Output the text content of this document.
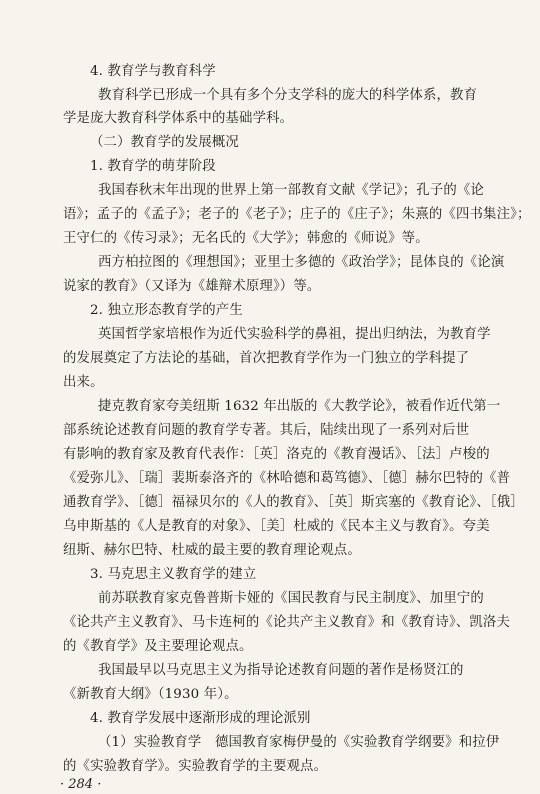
4. 教育学与教育科学
教育科学已形成一个具有多个分支学科的庞大的科学体系，教育
学是庞大教育科学体系中的基础学科。
（二）教育学的发展概况
1. 教育学的萌芽阶段
我国春秋末年出现的世界上第一部教育文献《学记》；孔子的《论
语》；孟子的《孟子》；老子的《老子》；庄子的《庄子》；朱熹的《四书集注》；
王守仁的《传习录》；无名氏的《大学》；韩愈的《师说》等。
西方柏拉图的《理想国》；亚里士多德的《政治学》；昆体良的《论演
说家的教育》（又译为《雄辩术原理》）等。
2. 独立形态教育学的产生
英国哲学家培根作为近代实验科学的鼻祖，提出归纳法，为教育学
的发展奠定了方法论的基础，首次把教育学作为一门独立的学科提了
出来。
捷克教育家夸美纽斯 1632 年出版的《大教学论》，被看作近代第一
部系统论述教育问题的教育学专著。其后，陆续出现了一系列对后世
有影响的教育家及教育代表作：［英］洛克的《教育漫话》、［法］卢梭的
《爱弥儿》、［瑞］裴斯泰洛齐的《林哈德和葛笃德》、［德］赫尔巴特的《普
通教育学》、［德］福禄贝尔的《人的教育》、［英］斯宾塞的《教育论》、［俄］
乌申斯基的《人是教育的对象》、［美］杜威的《民本主义与教育》。夸美
纽斯、赫尔巴特、杜威的最主要的教育理论观点。
3. 马克思主义教育学的建立
前苏联教育家克鲁普斯卡娅的《国民教育与民主制度》、加里宁的
《论共产主义教育》、马卡连柯的《论共产主义教育》和《教育诗》、凯洛夫
的《教育学》及主要理论观点。
我国最早以马克思主义为指导论述教育问题的著作是杨贤江的
《新教育大纲》（1930 年）。
4. 教育学发展中逐渐形成的理论派别
（1）实验教育学　德国教育家梅伊曼的《实验教育学纲要》和拉伊
的《实验教育学》。实验教育学的主要观点。
· 284 ·
